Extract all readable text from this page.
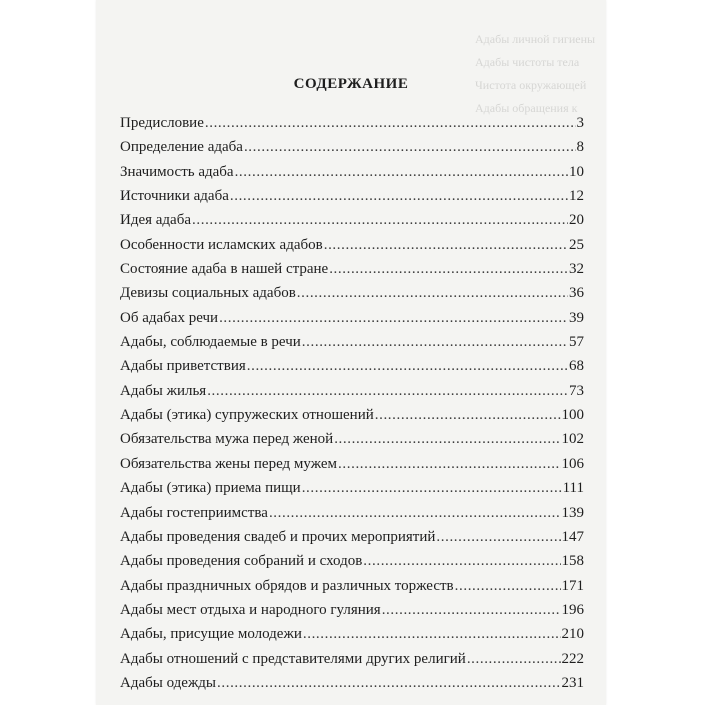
Адабы личной гигиены
Адабы чистоты тела
Чистота окружающей
Адабы обращения к
СОДЕРЖАНИЕ
Предисловие .....	3
Определение адаба .....	8
Значимость адаба .....	10
Источники адаба .....	12
Идея адаба .....	20
Особенности исламских адабов .....	25
Состояние адаба в нашей стране .....	32
Девизы социальных адабов .....	36
Об адабах речи .....	39
Адабы, соблюдаемые в речи .....	57
Адабы приветствия .....	68
Адабы жилья .....	73
Адабы (этика) супружеских отношений .....	100
Обязательства мужа перед женой .....	102
Обязательства жены перед мужем .....	106
Адабы (этика) приема пищи .....	111
Адабы гостеприимства .....	139
Адабы проведения свадеб и прочих мероприятий .....	147
Адабы проведения собраний и сходов .....	158
Адабы праздничных обрядов и различных торжеств .....	171
Адабы мест отдыха и народного гуляния .....	196
Адабы, присущие молодежи .....	210
Адабы отношений с представителями других религий .....	222
Адабы одежды .....	231
